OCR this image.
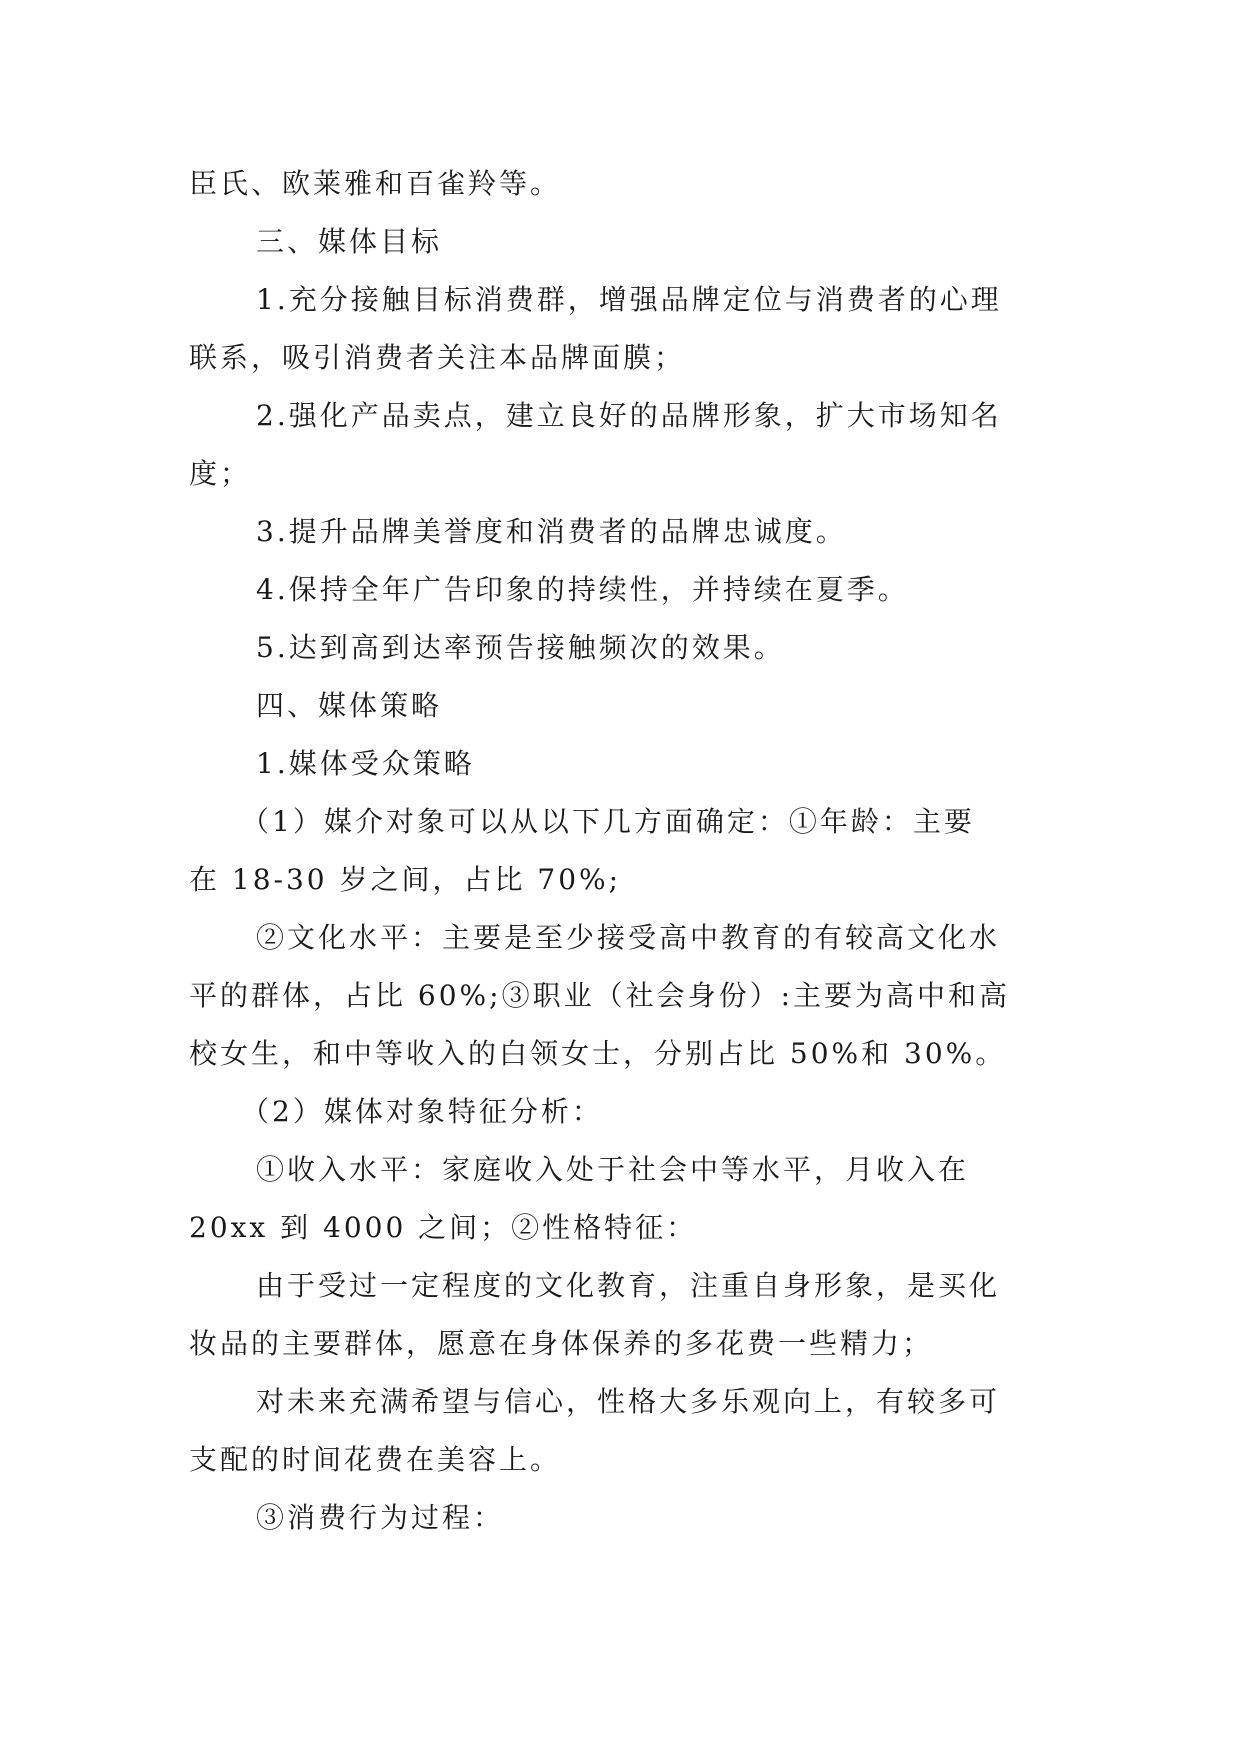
臣氏、欧莱雅和百雀羚等。
三、媒体目标
1.充分接触目标消费群，增强品牌定位与消费者的心理
联系，吸引消费者关注本品牌面膜；
2.强化产品卖点，建立良好的品牌形象，扩大市场知名
度；
3.提升品牌美誉度和消费者的品牌忠诚度。
4.保持全年广告印象的持续性，并持续在夏季。
5.达到高到达率预告接触频次的效果。
四、媒体策略
1.媒体受众策略
（1）媒介对象可以从以下几方面确定：①年龄：主要
在 18-30 岁之间，占比 70%;
②文化水平：主要是至少接受高中教育的有较高文化水
平的群体，占比 60%;③职业（社会身份）:主要为高中和高
校女生，和中等收入的白领女士，分别占比 50%和 30%。
（2）媒体对象特征分析：
①收入水平：家庭收入处于社会中等水平，月收入在
20xx 到 4000 之间；②性格特征：
由于受过一定程度的文化教育，注重自身形象，是买化
妆品的主要群体，愿意在身体保养的多花费一些精力；
对未来充满希望与信心，性格大多乐观向上，有较多可
支配的时间花费在美容上。
③消费行为过程：
